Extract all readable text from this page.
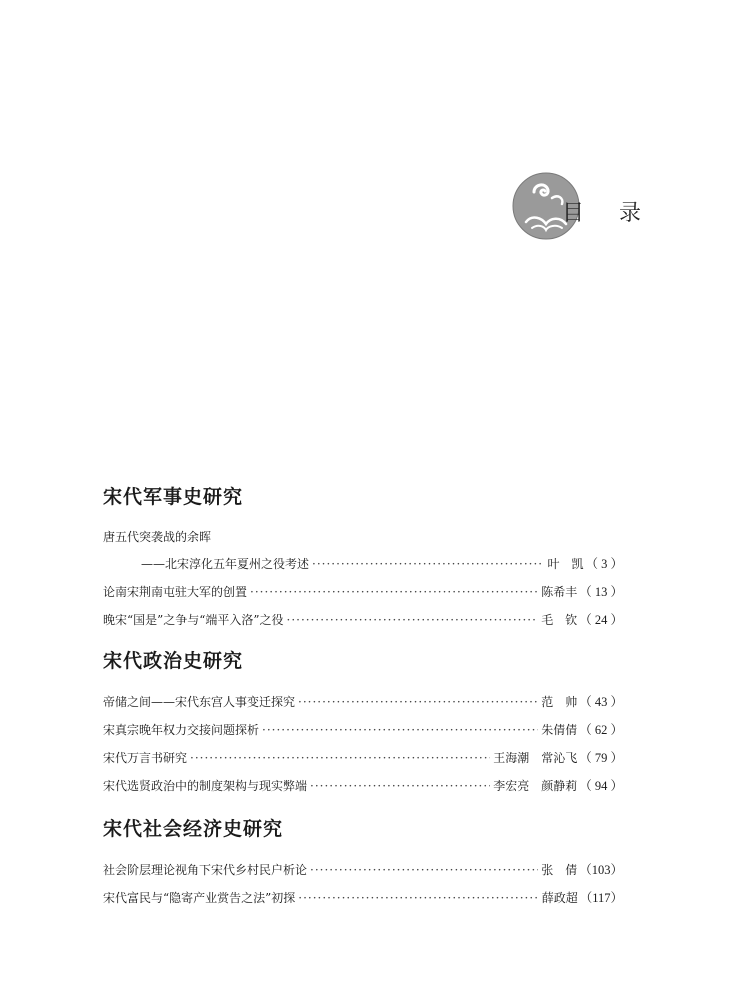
目 录
宋代军事史研究
唐五代突袭战的余晖
——北宋淳化五年夏州之役考述 ·····	叶　凯 （ 3 ）
论南宋荆南屯驻大军的创置 ·····	陈希丰 （ 13 ）
晚宋“国是”之争与“端平入洛”之役 ·····	毛　钦 （ 24 ）
宋代政治史研究
帝储之间——宋代东宫人事变迁探究 ·····	范　帅 （ 43 ）
宋真宗晚年权力交接问题探析 ·····	朱倩倩 （ 62 ）
宋代万言书研究 ·····	王海潮　常沁飞 （ 79 ）
宋代选贤政治中的制度架构与现实弊端 ·····	李宏亮　颜静莉 （ 94 ）
宋代社会经济史研究
社会阶层理论视角下宋代乡村民户析论 ·····	张　倩 （103）
宋代富民与“隐寄产业赏告之法”初探 ·····	薛政超 （117）
